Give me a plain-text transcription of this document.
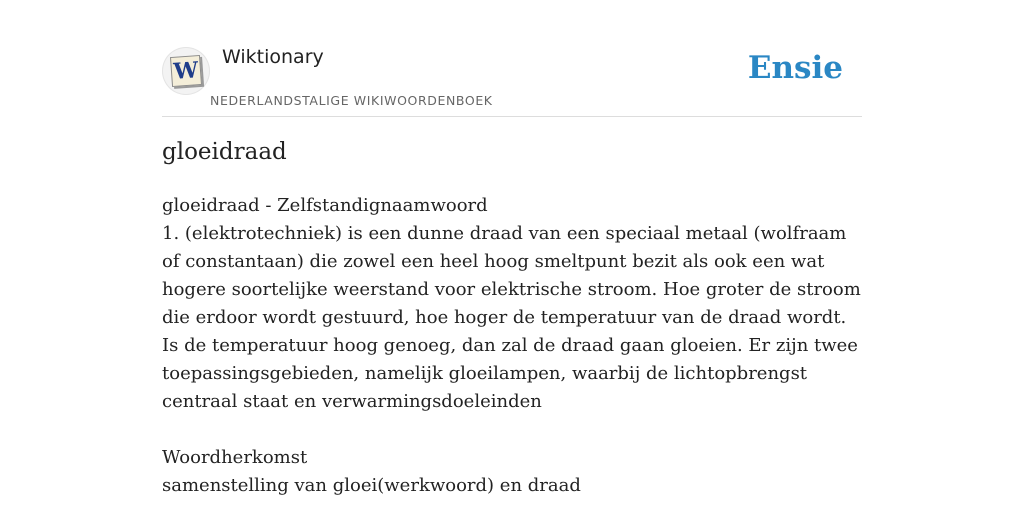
W
Wiktionary
NEDERLANDSTALIGE WIKIWOORDENBOEK
Ensie
gloeidraad

gloeidraad - Zelfstandignaamwoord

1. (elektrotechniek) is een dunne draad van een speciaal metaal (wolfraam of constantaan) die zowel een heel hoog smeltpunt bezit als ook een wat hogere soortelijke weerstand voor elektrische stroom. Hoe groter de stroom die erdoor wordt gestuurd, hoe hoger de temperatuur van de draad wordt. Is de temperatuur hoog genoeg, dan zal de draad gaan gloeien. Er zijn twee toepassingsgebieden, namelijk gloeilampen, waarbij de lichtopbrengst centraal staat en verwarmingsdoeleinden

Woordherkomst

samenstelling van gloei(werkwoord) en draad
